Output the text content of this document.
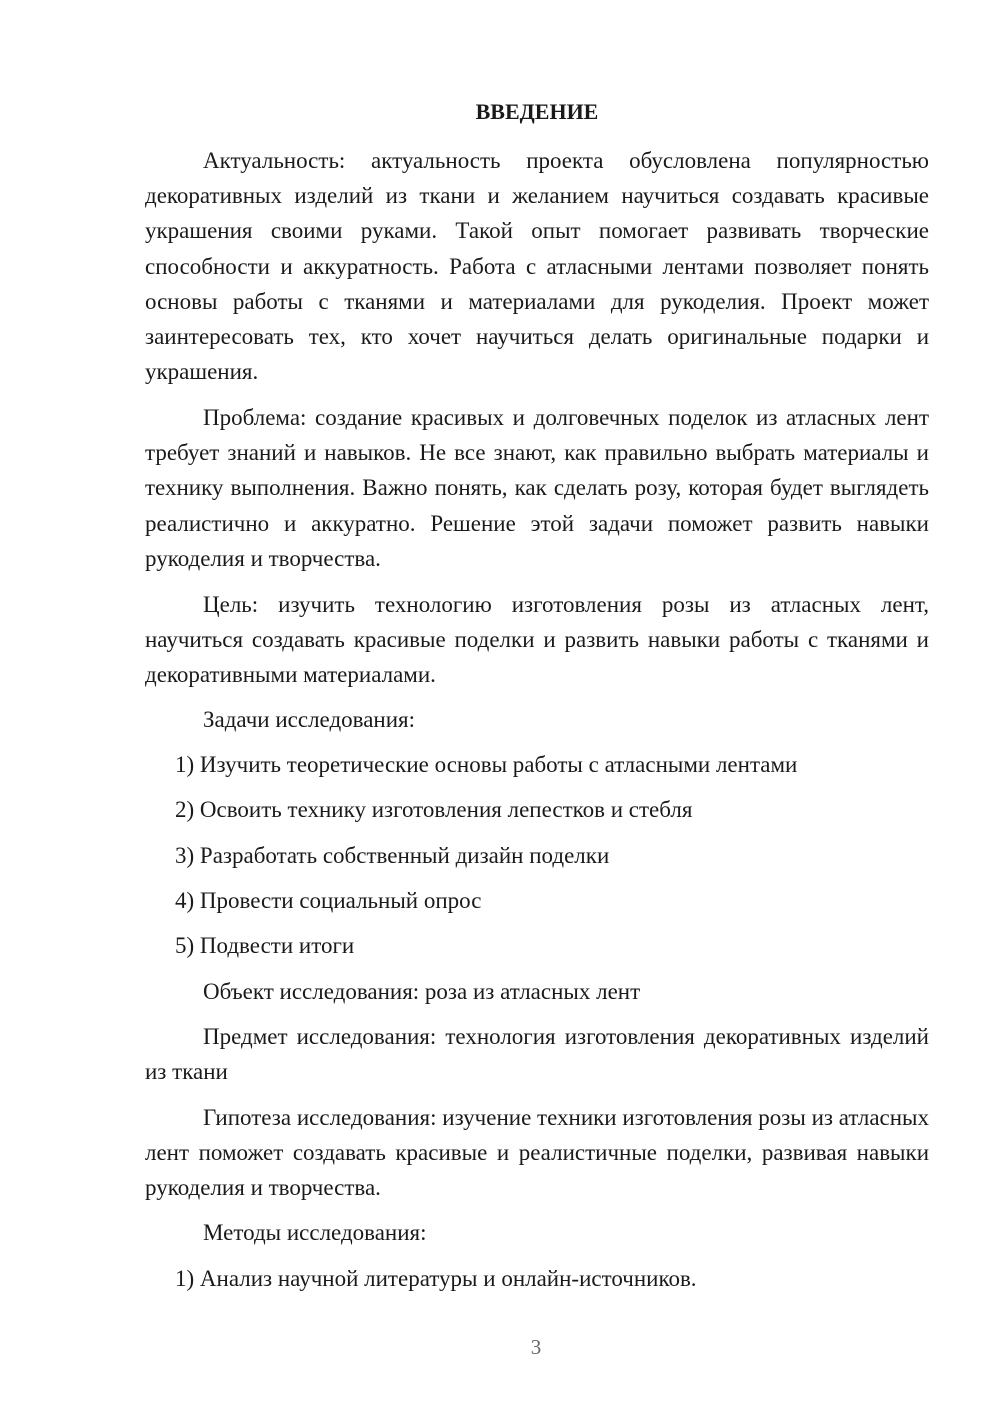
ВВЕДЕНИЕ
Актуальность: актуальность проекта обусловлена популярностью декоративных изделий из ткани и желанием научиться создавать красивые украшения своими руками. Такой опыт помогает развивать творческие способности и аккуратность. Работа с атласными лентами позволяет понять основы работы с тканями и материалами для рукоделия. Проект может заинтересовать тех, кто хочет научиться делать оригинальные подарки и украшения.
Проблема: создание красивых и долговечных поделок из атласных лент требует знаний и навыков. Не все знают, как правильно выбрать материалы и технику выполнения. Важно понять, как сделать розу, которая будет выглядеть реалистично и аккуратно. Решение этой задачи поможет развить навыки рукоделия и творчества.
Цель: изучить технологию изготовления розы из атласных лент, научиться создавать красивые поделки и развить навыки работы с тканями и декоративными материалами.
Задачи исследования:
1) Изучить теоретические основы работы с атласными лентами
2) Освоить технику изготовления лепестков и стебля
3) Разработать собственный дизайн поделки
4) Провести социальный опрос
5) Подвести итоги
Объект исследования: роза из атласных лент
Предмет исследования: технология изготовления декоративных изделий из ткани
Гипотеза исследования: изучение техники изготовления розы из атласных лент поможет создавать красивые и реалистичные поделки, развивая навыки рукоделия и творчества.
Методы исследования:
1) Анализ научной литературы и онлайн-источников.
3
